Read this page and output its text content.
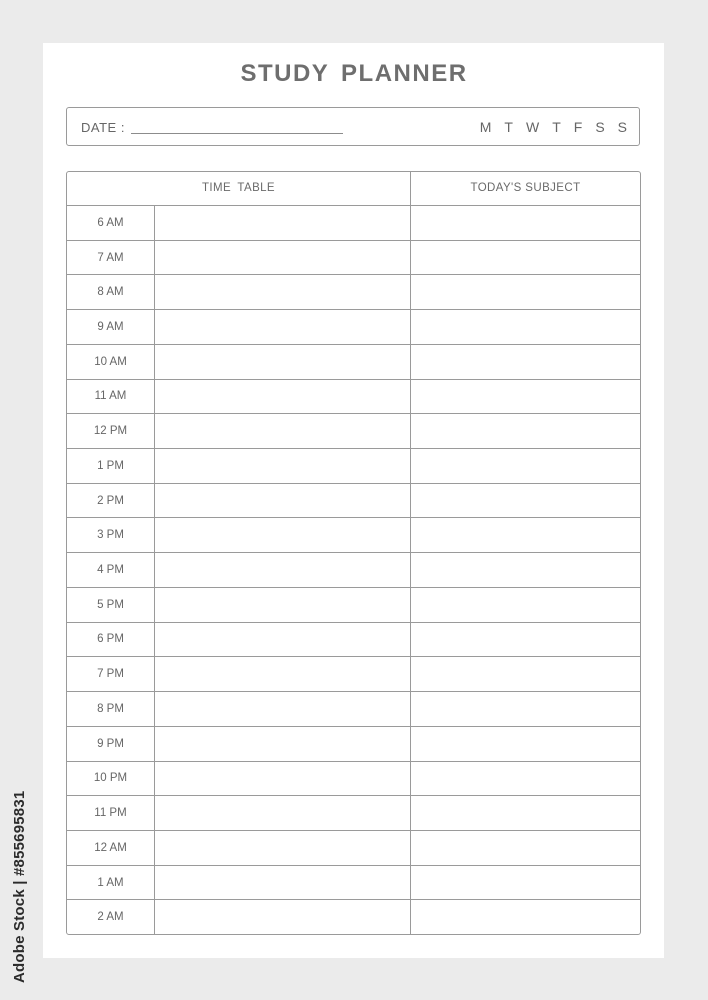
STUDY PLANNER
DATE :	M T W T F S S
TIME TABLE	TODAY'S SUBJECT
6 AM
7 AM
8 AM
9 AM
10 AM
11 AM
12 PM
1 PM
2 PM
3 PM
4 PM
5 PM
6 PM
7 PM
8 PM
9 PM
10 PM
11 PM
12 AM
1 AM
2 AM
Adobe Stock | #855695831
